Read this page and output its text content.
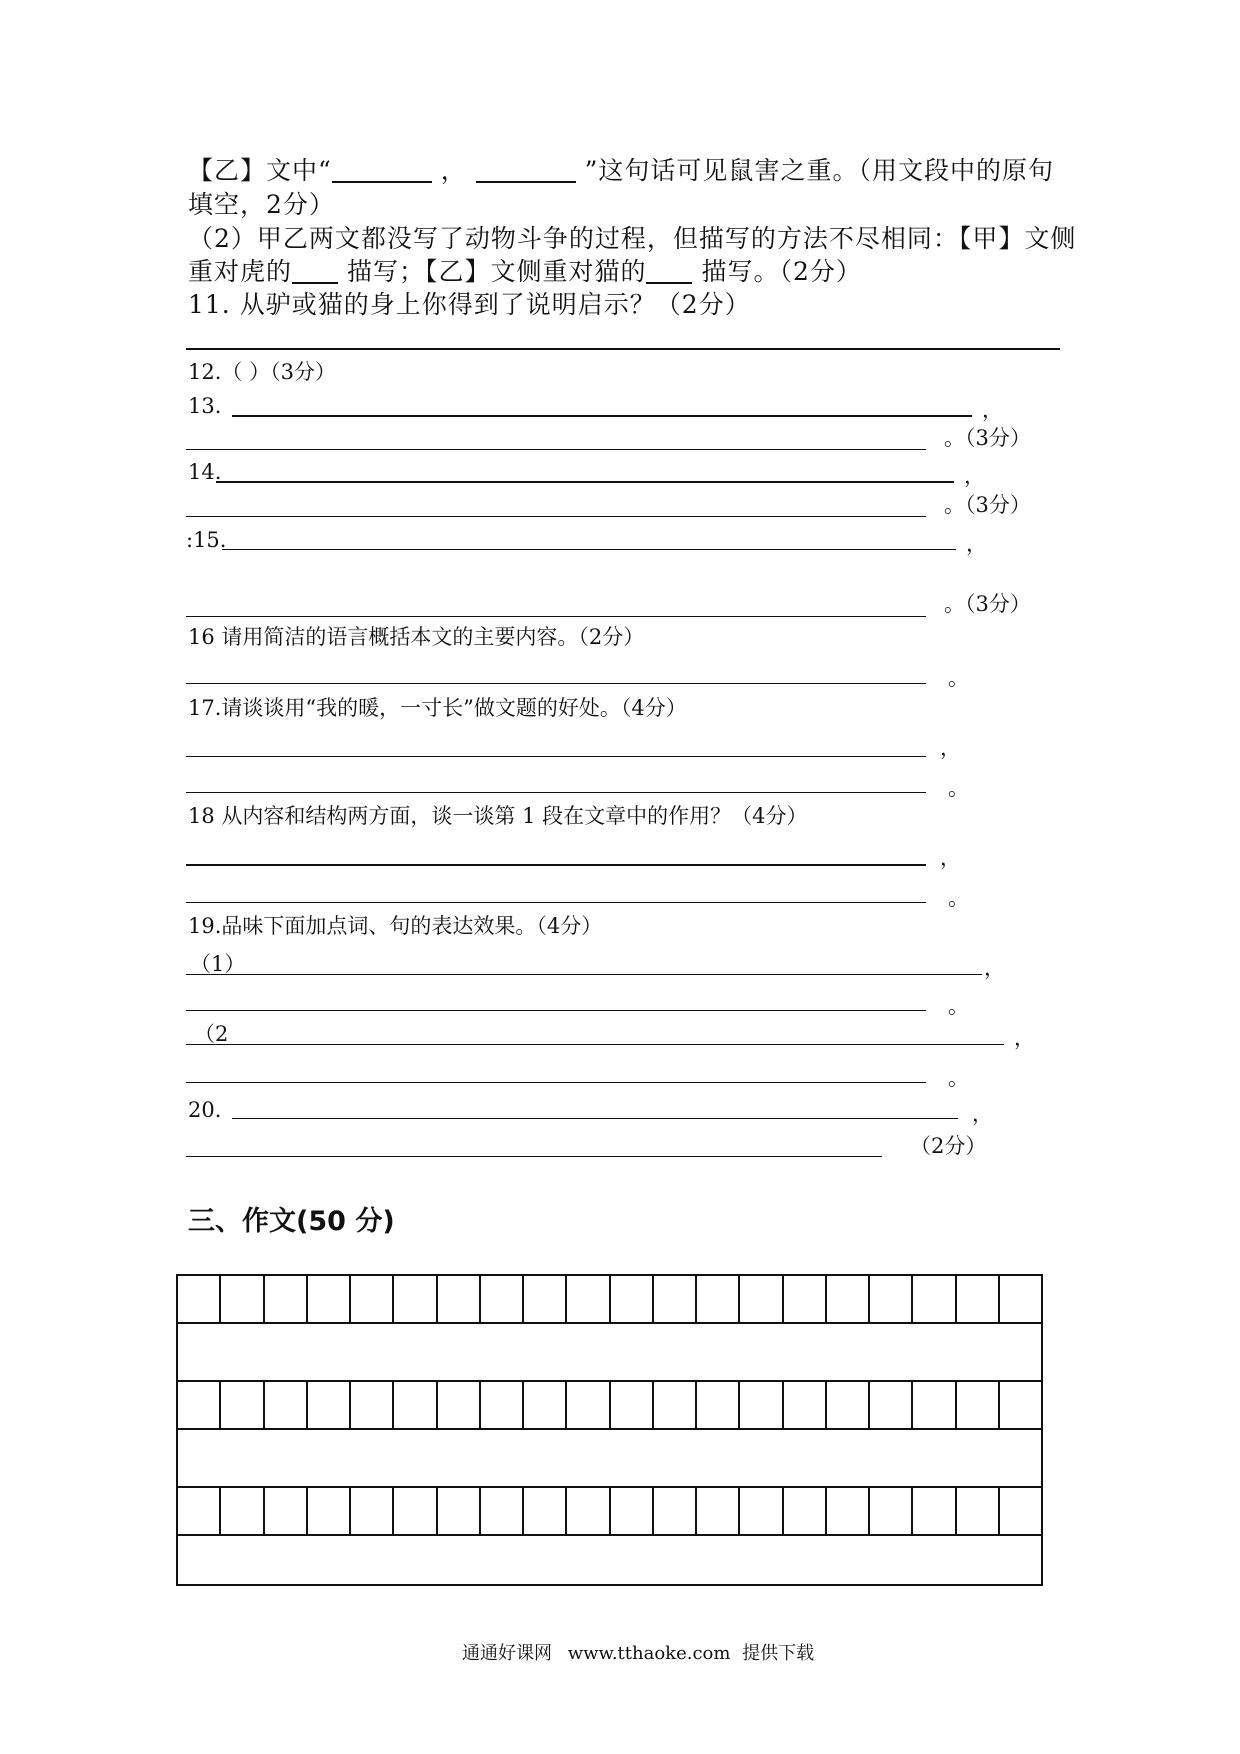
【乙】文中“	，	”这句话可见鼠害之重。（用文段中的原句
填空，2分）
（2）甲乙两文都没写了动物斗争的过程，但描写的方法不尽相同：【甲】文侧
重对虎的 描写；【乙】文侧重对猫的 描写。（2分）
11. 从驴或猫的身上你得到了说明启示？（2分）
12.（ ）（3分）
13.	，
。（3分）
14.	，
。（3分）
:15.	，
。（3分）
16 请用简洁的语言概括本文的主要内容。（2分）
。
17.请谈谈用“我的暖，一寸长”做文题的好处。（4分）
，
。
18 从内容和结构两方面，谈一谈第 1 段在文章中的作用？（4分）
，
。
19.品味下面加点词、句的表达效果。（4分）
（1）	，
。
（2	，
。
20.	，
（2分）
三、作文(50 分)
通通好课网 www.tthaoke.com 提供下载
